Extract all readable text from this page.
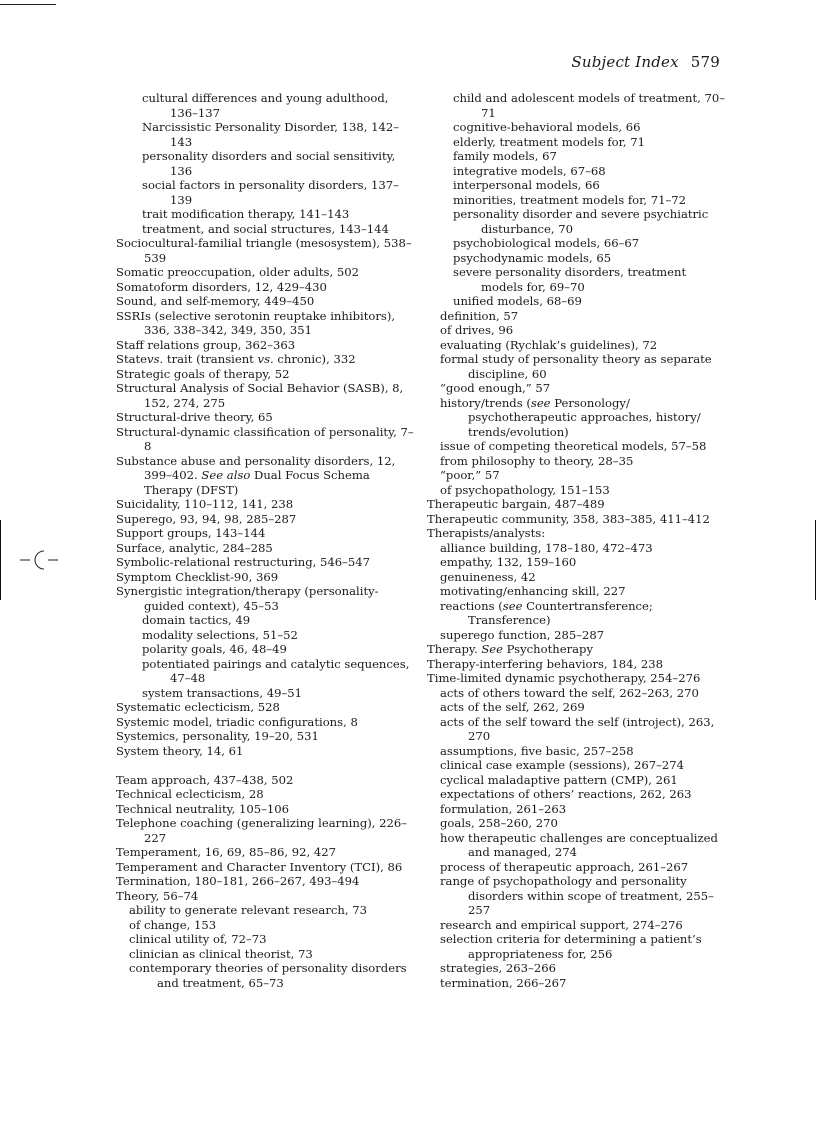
Subject Index 579
cultural differences and young adulthood, 136–137
Narcissistic Personality Disorder, 138, 142–143
personality disorders and social sensitivity, 136
social factors in personality disorders, 137–139
trait modification therapy, 141–143
treatment, and social structures, 143–144
Sociocultural-familial triangle (mesosystem), 538–539
Somatic preoccupation, older adults, 502
Somatoform disorders, 12, 429–430
Sound, and self-memory, 449–450
SSRIs (selective serotonin reuptake inhibitors), 336, 338–342, 349, 350, 351
Staff relations group, 362–363
Statevs. trait (transient vs. chronic), 332
Strategic goals of therapy, 52
Structural Analysis of Social Behavior (SASB), 8, 152, 274, 275
Structural-drive theory, 65
Structural-dynamic classification of personality, 7–8
Substance abuse and personality disorders, 12, 399–402. See also Dual Focus Schema Therapy (DFST)
Suicidality, 110–112, 141, 238
Superego, 93, 94, 98, 285–287
Support groups, 143–144
Surface, analytic, 284–285
Symbolic-relational restructuring, 546–547
Symptom Checklist-90, 369
Synergistic integration/therapy (personality-guided context), 45–53
domain tactics, 49
modality selections, 51–52
polarity goals, 46, 48–49
potentiated pairings and catalytic sequences, 47–48
system transactions, 49–51
Systematic eclecticism, 528
Systemic model, triadic configurations, 8
Systemics, personality, 19–20, 531
System theory, 14, 61
Team approach, 437–438, 502
Technical eclecticism, 28
Technical neutrality, 105–106
Telephone coaching (generalizing learning), 226–227
Temperament, 16, 69, 85–86, 92, 427
Temperament and Character Inventory (TCI), 86
Termination, 180–181, 266–267, 493–494
Theory, 56–74
ability to generate relevant research, 73
of change, 153
clinical utility of, 72–73
clinician as clinical theorist, 73
contemporary theories of personality disorders and treatment, 65–73
child and adolescent models of treatment, 70–71
cognitive-behavioral models, 66
elderly, treatment models for, 71
family models, 67
integrative models, 67–68
interpersonal models, 66
minorities, treatment models for, 71–72
personality disorder and severe psychiatric disturbance, 70
psychobiological models, 66–67
psychodynamic models, 65
severe personality disorders, treatment models for, 69–70
unified models, 68–69
definition, 57
of drives, 96
evaluating (Rychlak’s guidelines), 72
formal study of personality theory as separate discipline, 60
“good enough,” 57
history/trends (see Personology/ psychotherapeutic approaches, history/ trends/evolution)
issue of competing theoretical models, 57–58
from philosophy to theory, 28–35
“poor,” 57
of psychopathology, 151–153
Therapeutic bargain, 487–489
Therapeutic community, 358, 383–385, 411–412
Therapists/analysts:
alliance building, 178–180, 472–473
empathy, 132, 159–160
genuineness, 42
motivating/enhancing skill, 227
reactions (see Countertransference; Transference)
superego function, 285–287
Therapy. See Psychotherapy
Therapy-interfering behaviors, 184, 238
Time-limited dynamic psychotherapy, 254–276
acts of others toward the self, 262–263, 270
acts of the self, 262, 269
acts of the self toward the self (introject), 263, 270
assumptions, five basic, 257–258
clinical case example (sessions), 267–274
cyclical maladaptive pattern (CMP), 261
expectations of others’ reactions, 262, 263
formulation, 261–263
goals, 258–260, 270
how therapeutic challenges are conceptualized and managed, 274
process of therapeutic approach, 261–267
range of psychopathology and personality disorders within scope of treatment, 255–257
research and empirical support, 274–276
selection criteria for determining a patient’s appropriateness for, 256
strategies, 263–266
termination, 266–267
